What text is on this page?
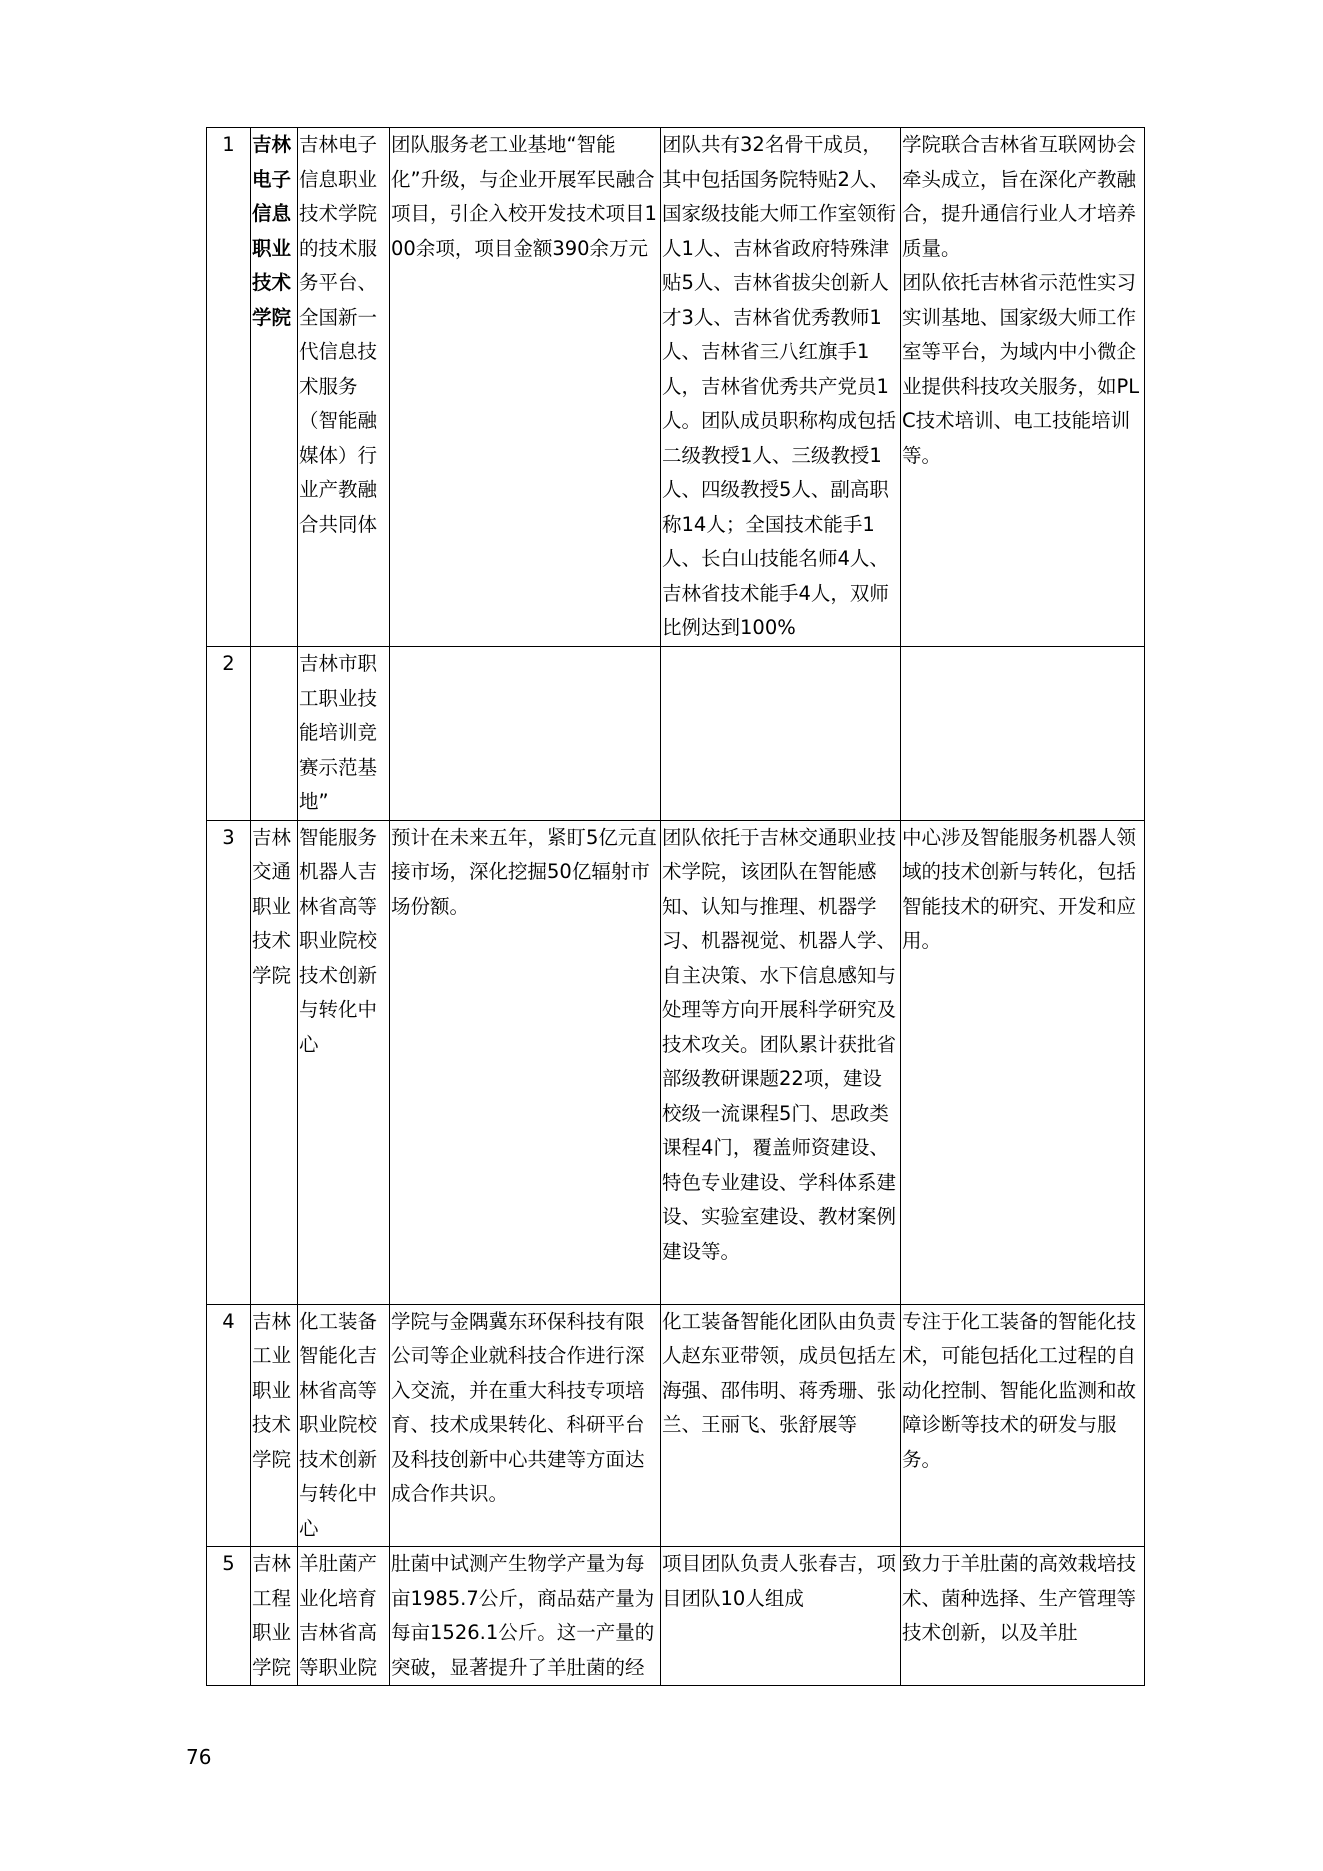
1	吉林电子信息职业技术学院	吉林电子信息职业技术学院的技术服务平台、全国新一代信息技术服务（智能融媒体）行业产教融合共同体	团队服务老工业基地“智能化”升级，与企业开展军民融合项目，引企入校开发技术项目100余项，项目金额390余万元	团队共有32名骨干成员，其中包括国务院特贴2人、国家级技能大师工作室领衔人1人、吉林省政府特殊津贴5人、吉林省拔尖创新人才3人、吉林省优秀教师1人、吉林省三八红旗手1人，吉林省优秀共产党员1人。团队成员职称构成包括二级教授1人、三级教授1人、四级教授5人、副高职称14人；全国技术能手1人、长白山技能名师4人、吉林省技术能手4人，双师比例达到100%	学院联合吉林省互联网协会牵头成立，旨在深化产教融合，提升通信行业人才培养质量。
团队依托吉林省示范性实习实训基地、国家级大师工作室等平台，为域内中小微企业提供科技攻关服务，如PLC技术培训、电工技能培训等。
2		吉林市职工职业技能培训竞赛示范基地”			
3	吉林交通职业技术学院	智能服务机器人吉林省高等职业院校技术创新与转化中心	预计在未来五年，紧盯5亿元直接市场，深化挖掘50亿辐射市场份额。	团队依托于吉林交通职业技术学院，该团队在智能感知、认知与推理、机器学习、机器视觉、机器人学、自主决策、水下信息感知与处理等方向开展科学研究及技术攻关。团队累计获批省部级教研课题22项，建设校级一流课程5门、思政类课程4门，覆盖师资建设、特色专业建设、学科体系建设、实验室建设、教材案例建设等。	中心涉及智能服务机器人领域的技术创新与转化，包括智能技术的研究、开发和应用。
4	吉林工业职业技术学院	化工装备智能化吉林省高等职业院校技术创新与转化中心	学院与金隅冀东环保科技有限公司等企业就科技合作进行深入交流，并在重大科技专项培育、技术成果转化、科研平台及科技创新中心共建等方面达成合作共识。	化工装备智能化团队由负责人赵东亚带领，成员包括左海强、邵伟明、蒋秀珊、张兰、王丽飞、张舒展等	专注于化工装备的智能化技术，可能包括化工过程的自动化控制、智能化监测和故障诊断等技术的研发与服务。
5	吉林工程职业学院	羊肚菌产业化培育吉林省高等职业院	肚菌中试测产生物学产量为每亩1985.7公斤，商品菇产量为每亩1526.1公斤。这一产量的突破，显著提升了羊肚菌的经	项目团队负责人张春吉，项目团队10人组成	致力于羊肚菌的高效栽培技术、菌种选择、生产管理等技术创新，以及羊肚
76
